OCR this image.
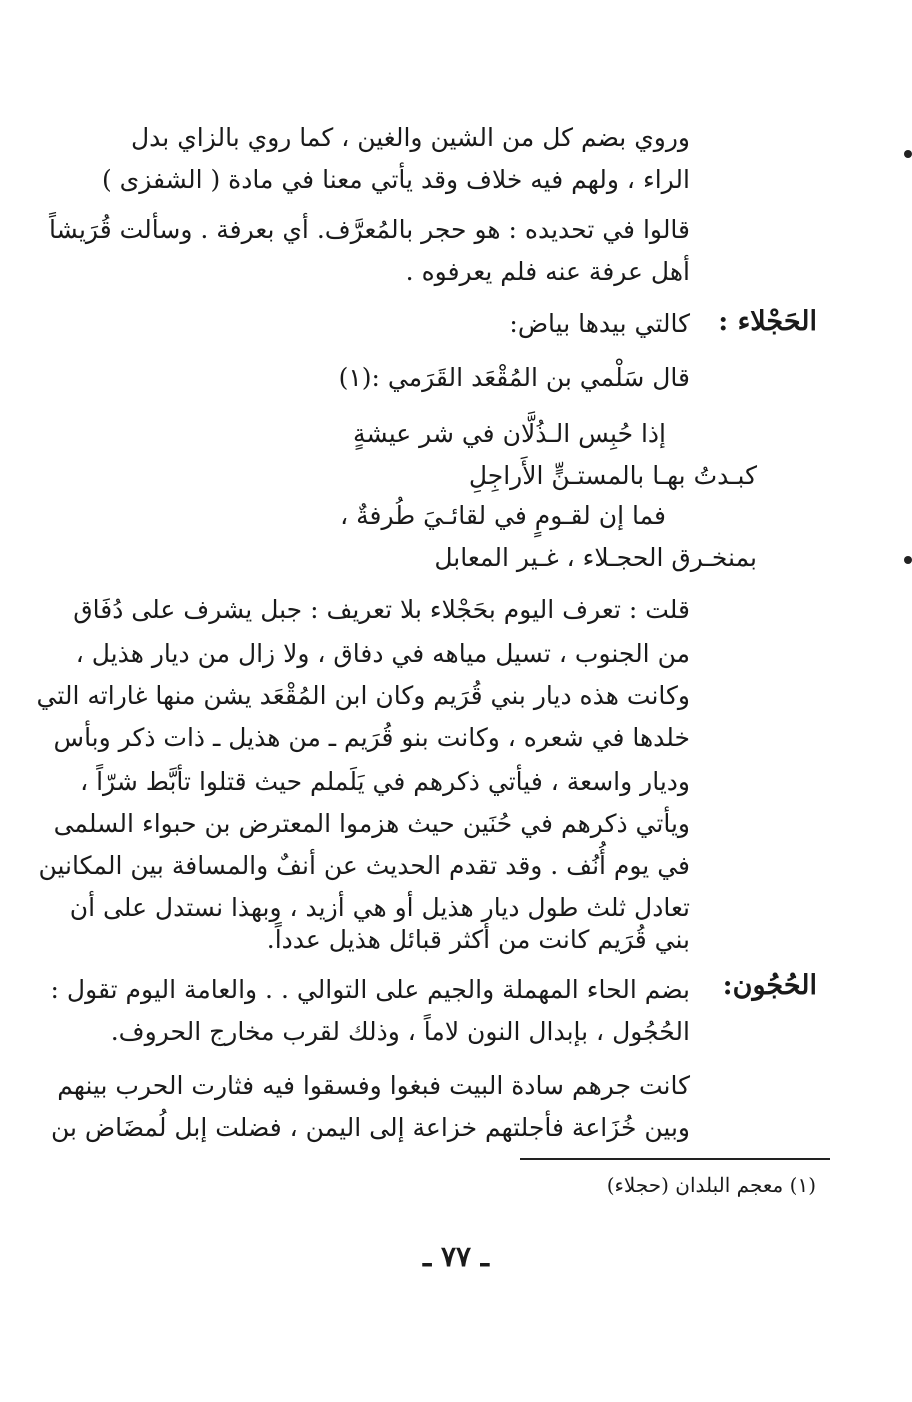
وروي بضم كل من الشين والغين ، كما روي بالزاي بدل
الراء ، ولهم فيه خلاف وقد يأتي معنا في مادة ( الشفزى )
قالوا في تحديده : هو حجر بالمُعرَّف. أي بعرفة . وسألت قُرَيشاً
أهل عرفة عنه فلم يعرفوه .
الحَجْلاء :
كالتي بيدها بياض:
قال سَلْمي بن المُقْعَد القَرَمي :(١)
إذا حُبِس الـذُلَّان في شر عيشةٍ
كبـدتُ بهـا بالمستـنٍّ الأَراجِلِ
فما إن لقـومٍ في لقائـيَ طُرفةٌ ،
بمنخـرق الحجـلاء ، غـير المعابل
قلت : تعرف اليوم بحَجْلاء بلا تعريف : جبل يشرف على دُفَاق
من الجنوب ، تسيل مياهه في دفاق ، ولا زال من ديار هذيل ،
وكانت هذه ديار بني قُرَيم وكان ابن المُقْعَد يشن منها غاراته التي
خلدها في شعره ، وكانت بنو قُرَيم ـ من هذيل ـ ذات ذكر وبأس
وديار واسعة ، فيأتي ذكرهم في يَلَملم حيث قتلوا تأبَّط شرّاً ،
ويأتي ذكرهم في حُنَين حيث هزموا المعترض بن حبواء السلمى
في يوم أُنُف . وقد تقدم الحديث عن أنفٌ والمسافة بين المكانين
تعادل ثلث طول ديار هذيل أو هي أزيد ، وبهذا نستدل على أن
بني قُرَيم كانت من أكثر قبائل هذيل عدداً.
الحُجُون:
بضم الحاء المهملة والجيم على التوالي . . والعامة اليوم تقول :
الحُجُول ، بإبدال النون لاماً ، وذلك لقرب مخارج الحروف.
كانت جرهم سادة البيت فبغوا وفسقوا فيه فثارت الحرب بينهم
وبين خُزَاعة فأجلتهم خزاعة إلى اليمن ، فضلت إبل لُمضَاض بن
(١) معجم البلدان (حجلاء)
ـ ٧٧ ـ
